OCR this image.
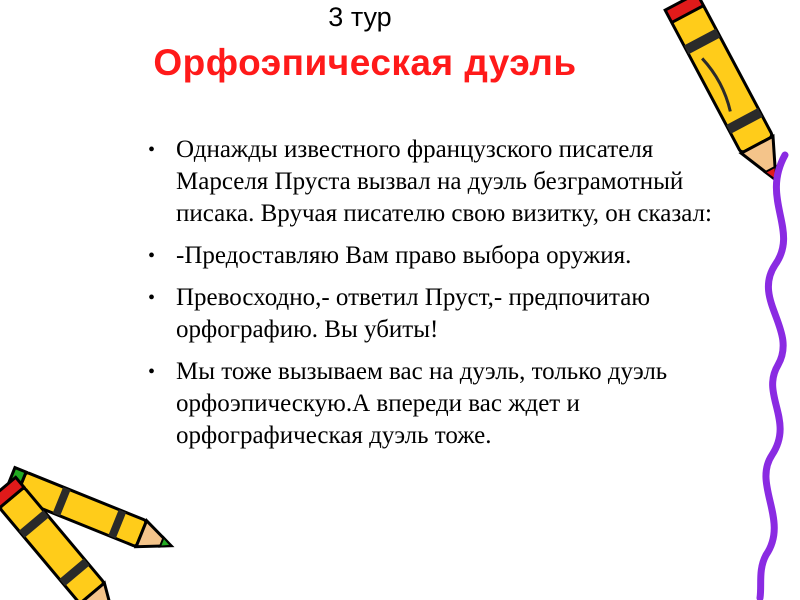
3 тур
Орфоэпическая дуэль
• Однажды известного французского писателя Марселя Пруста вызвал на дуэль безграмотный писака. Вручая писателю свою визитку, он сказал:
• -Предоставляю Вам право выбора оружия.
• Превосходно,- ответил Пруст,- предпочитаю орфографию. Вы убиты!
• Мы тоже вызываем вас на дуэль, только дуэль орфоэпическую.А впереди вас ждет и орфографическая дуэль тоже.
